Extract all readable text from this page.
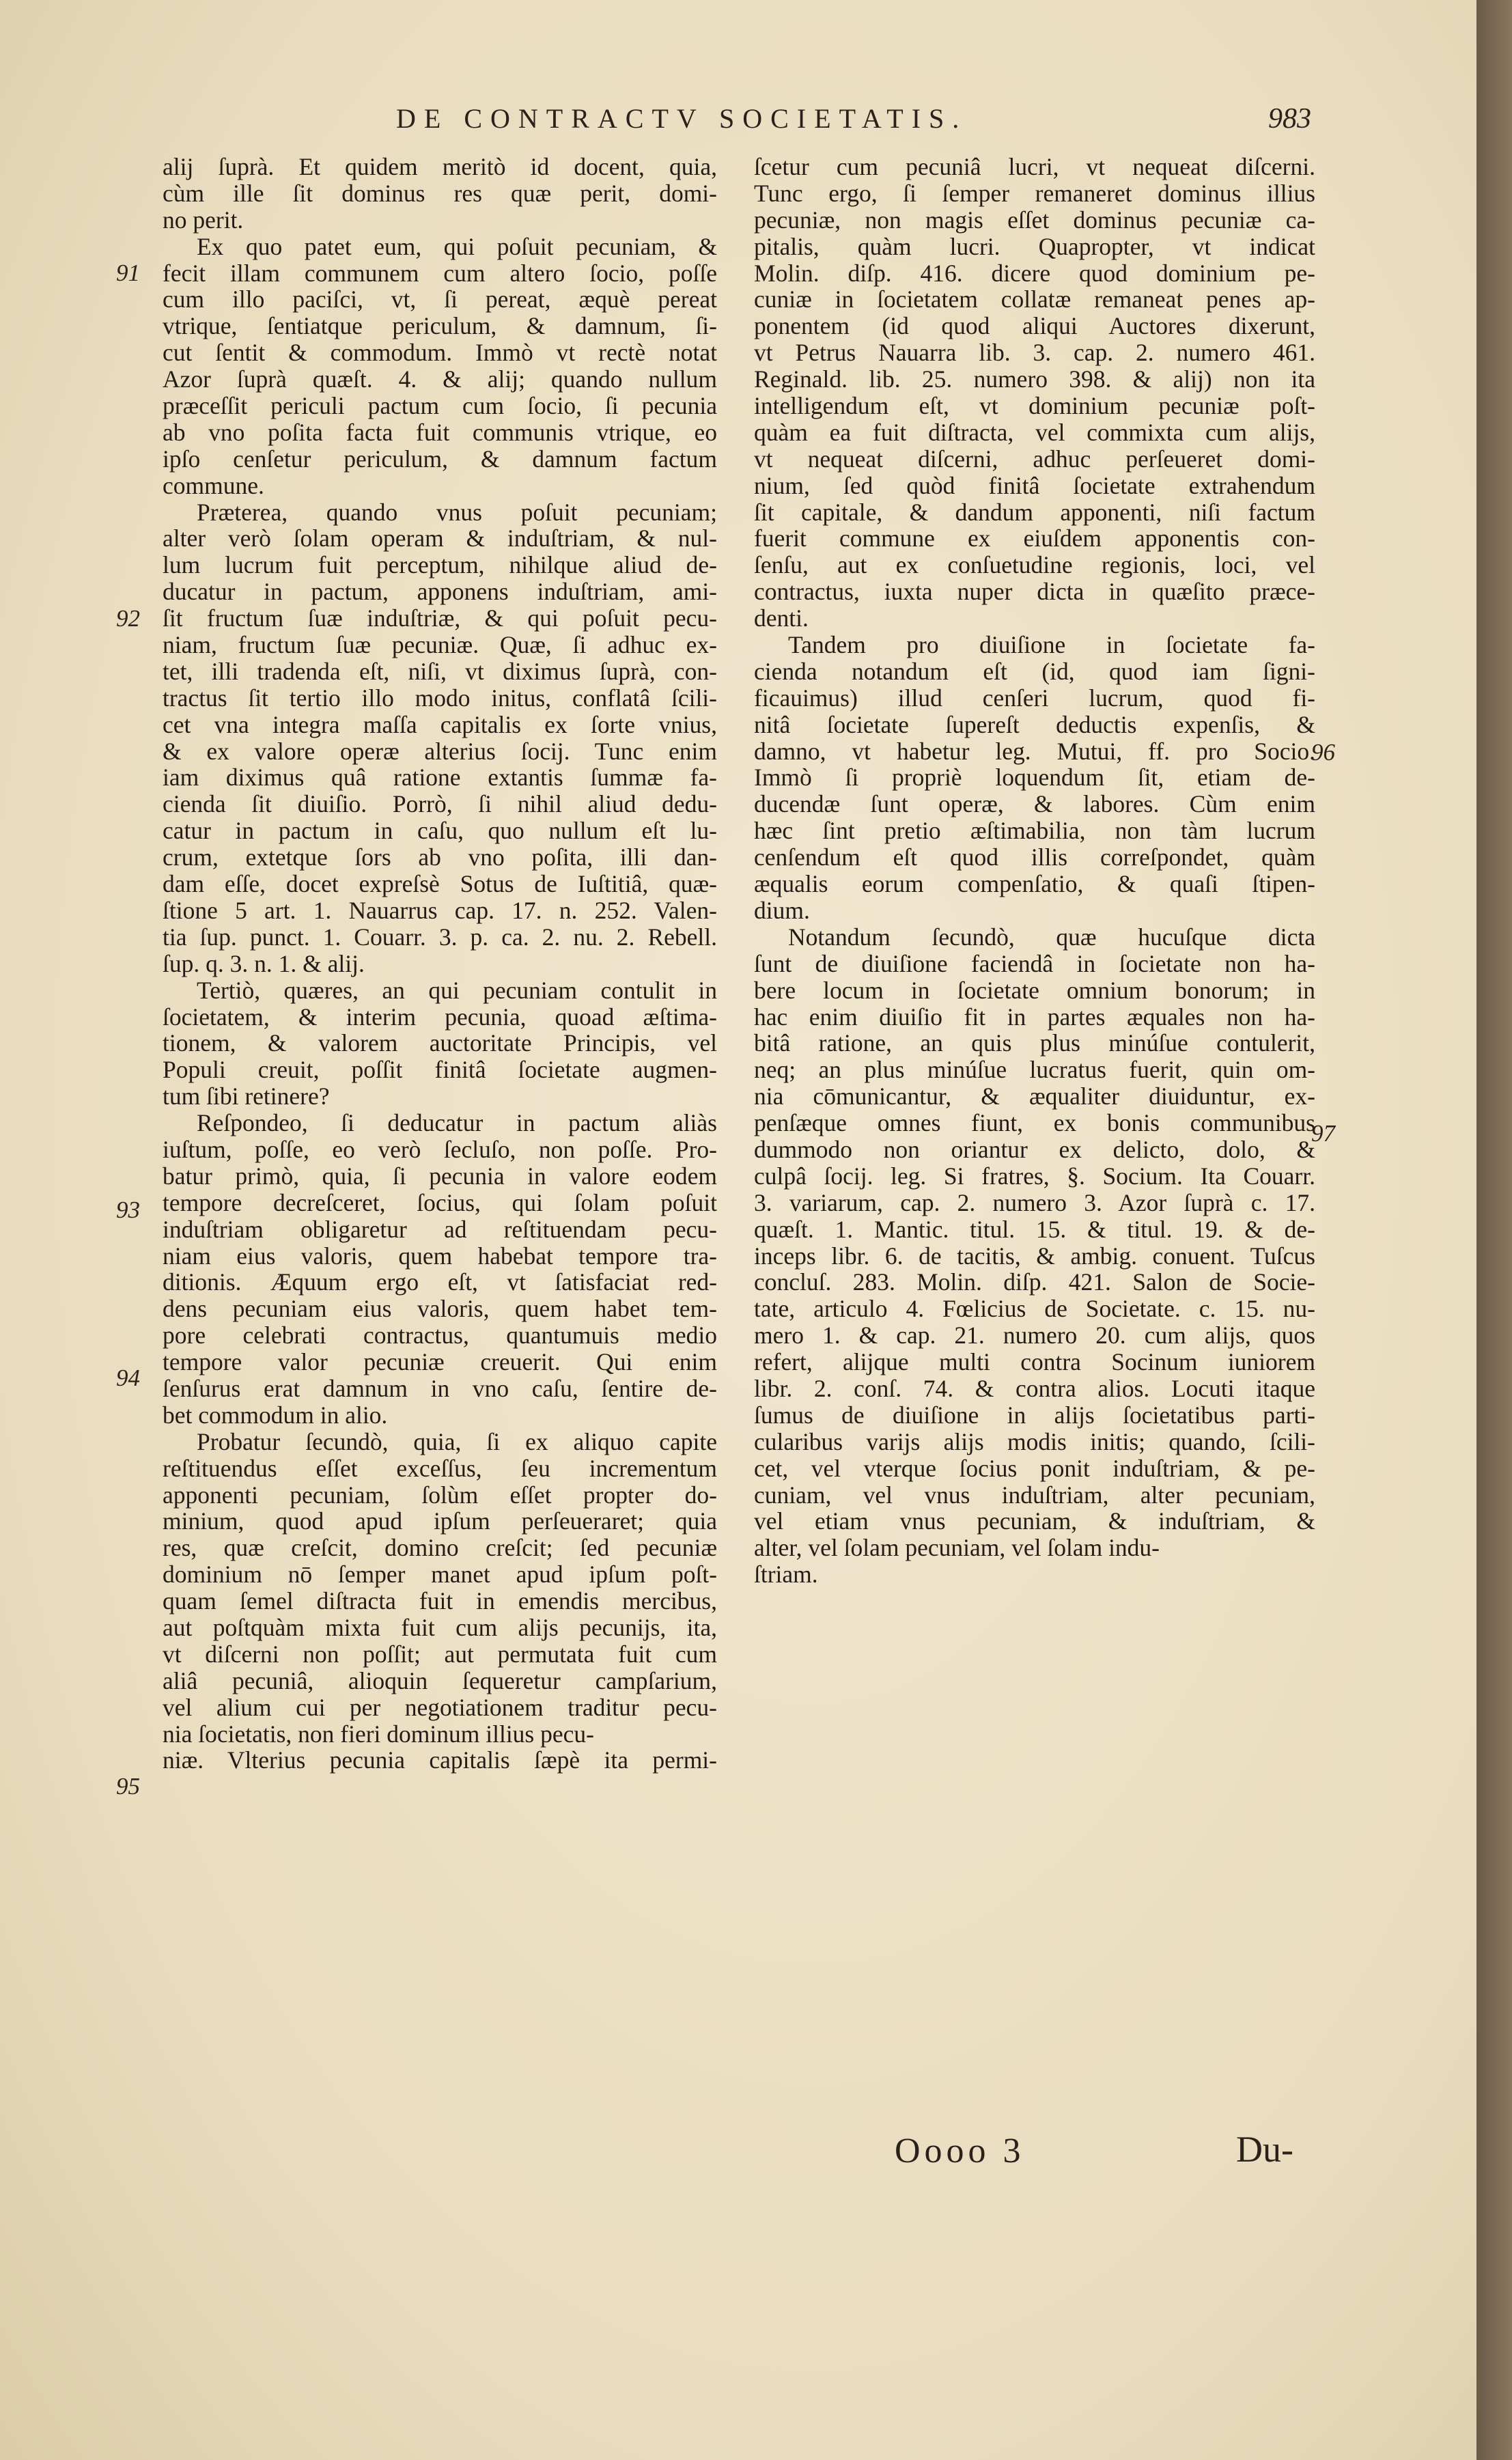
DE CONTRACTV SOCIETATIS.	983
alij ſuprà. Et quidem meritò id docent, quia,
cùm ille ſit dominus res quæ perit, domi-
no perit.
Ex quo patet eum, qui poſuit pecuniam, &
fecit illam communem cum altero ſocio, poſſe
cum illo paciſci, vt, ſi pereat, æquè pereat
vtrique, ſentiatque periculum, & damnum, ſi-
cut ſentit & commodum. Immò vt rectè notat
Azor ſuprà quæſt. 4. & alij; quando nullum
præceſſit periculi pactum cum ſocio, ſi pecunia
ab vno poſita facta fuit communis vtrique, eo
ipſo cenſetur periculum, & damnum factum
commune.
Præterea, quando vnus poſuit pecuniam;
alter verò ſolam operam & induſtriam, & nul-
lum lucrum fuit perceptum, nihilque aliud de-
ducatur in pactum, apponens induſtriam, ami-
ſit fructum ſuæ induſtriæ, & qui poſuit pecu-
niam, fructum ſuæ pecuniæ. Quæ, ſi adhuc ex-
tet, illi tradenda eſt, niſi, vt diximus ſuprà, con-
tractus ſit tertio illo modo initus, conflatâ ſcili-
cet vna integra maſſa capitalis ex ſorte vnius,
& ex valore operæ alterius ſocij. Tunc enim
iam diximus quâ ratione extantis ſummæ fa-
cienda ſit diuiſio. Porrò, ſi nihil aliud dedu-
catur in pactum in caſu, quo nullum eſt lu-
crum, extetque ſors ab vno poſita, illi dan-
dam eſſe, docet expreſsè Sotus de Iuſtitiâ, quæ-
ſtione 5 art. 1. Nauarrus cap. 17. n. 252. Valen-
tia ſup. punct. 1. Couarr. 3. p. ca. 2. nu. 2. Rebell.
ſup. q. 3. n. 1. & alij.
Tertiò, quæres, an qui pecuniam contulit in
ſocietatem, & interim pecunia, quoad æſtima-
tionem, & valorem auctoritate Principis, vel
Populi creuit, poſſit finitâ ſocietate augmen-
tum ſibi retinere?
Reſpondeo, ſi deducatur in pactum aliàs
iuſtum, poſſe, eo verò ſecluſo, non poſſe. Pro-
batur primò, quia, ſi pecunia in valore eodem
tempore decreſceret, ſocius, qui ſolam poſuit
induſtriam obligaretur ad reſtituendam pecu-
niam eius valoris, quem habebat tempore tra-
ditionis. Æquum ergo eſt, vt ſatisfaciat red-
dens pecuniam eius valoris, quem habet tem-
pore celebrati contractus, quantumuis medio
tempore valor pecuniæ creuerit. Qui enim
ſenſurus erat damnum in vno caſu, ſentire de-
bet commodum in alio.
Probatur ſecundò, quia, ſi ex aliquo capite
reſtituendus eſſet exceſſus, ſeu incrementum
apponenti pecuniam, ſolùm eſſet propter do-
minium, quod apud ipſum perſeueraret; quia
res, quæ creſcit, domino creſcit; ſed pecuniæ
dominium nō ſemper manet apud ipſum poſt-
quam ſemel diſtracta fuit in emendis mercibus,
aut poſtquàm mixta fuit cum alijs pecunijs, ita,
vt diſcerni non poſſit; aut permutata fuit cum
aliâ pecuniâ, alioquin ſequeretur campſarium,
vel alium cui per negotiationem traditur pecu-
nia ſocietatis, non fieri dominum illius pecu-
niæ. Vlterius pecunia capitalis ſæpè ita permi-
ſcetur cum pecuniâ lucri, vt nequeat diſcerni.
Tunc ergo, ſi ſemper remaneret dominus illius
pecuniæ, non magis eſſet dominus pecuniæ ca-
pitalis, quàm lucri. Quapropter, vt indicat
Molin. diſp. 416. dicere quod dominium pe-
cuniæ in ſocietatem collatæ remaneat penes ap-
ponentem (id quod aliqui Auctores dixerunt,
vt Petrus Nauarra lib. 3. cap. 2. numero 461.
Reginald. lib. 25. numero 398. & alij) non ita
intelligendum eſt, vt dominium pecuniæ poſt-
quàm ea fuit diſtracta, vel commixta cum alijs,
vt nequeat diſcerni, adhuc perſeueret domi-
nium, ſed quòd finitâ ſocietate extrahendum
ſit capitale, & dandum apponenti, niſi factum
fuerit commune ex eiuſdem apponentis con-
ſenſu, aut ex conſuetudine regionis, loci, vel
contractus, iuxta nuper dicta in quæſito præce-
denti.
Tandem pro diuiſione in ſocietate fa-
cienda notandum eſt (id, quod iam ſigni-
ficauimus) illud cenſeri lucrum, quod fi-
nitâ ſocietate ſupereſt deductis expenſis, &
damno, vt habetur leg. Mutui, ff. pro Socio.
Immò ſi propriè loquendum ſit, etiam de-
ducendæ ſunt operæ, & labores. Cùm enim
hæc ſint pretio æſtimabilia, non tàm lucrum
cenſendum eſt quod illis correſpondet, quàm
æqualis eorum compenſatio, & quaſi ſtipen-
dium.
Notandum ſecundò, quæ hucuſque dicta
ſunt de diuiſione faciendâ in ſocietate non ha-
bere locum in ſocietate omnium bonorum; in
hac enim diuiſio fit in partes æquales non ha-
bitâ ratione, an quis plus minúſue contulerit,
neq; an plus minúſue lucratus fuerit, quin om-
nia cōmunicantur, & æqualiter diuiduntur, ex-
penſæque omnes fiunt, ex bonis communibus
dummodo non oriantur ex delicto, dolo, &
culpâ ſocij. leg. Si fratres, §. Socium. Ita Couarr.
3. variarum, cap. 2. numero 3. Azor ſuprà c. 17.
quæſt. 1. Mantic. titul. 15. & titul. 19. & de-
inceps libr. 6. de tacitis, & ambig. conuent. Tuſcus
concluſ. 283. Molin. diſp. 421. Salon de Socie-
tate, articulo 4. Fœlicius de Societate. c. 15. nu-
mero 1. & cap. 21. numero 20. cum alijs, quos
refert, alijque multi contra Socinum iuniorem
libr. 2. conſ. 74. & contra alios. Locuti itaque
ſumus de diuiſione in alijs ſocietatibus parti-
cularibus varijs alijs modis initis; quando, ſcili-
cet, vel vterque ſocius ponit induſtriam, & pe-
cuniam, vel vnus induſtriam, alter pecuniam,
vel etiam vnus pecuniam, & induſtriam, &
alter, vel ſolam pecuniam, vel ſolam indu-
ſtriam.
91
92
93
94
95
96
97
Oooo 3	Du-
